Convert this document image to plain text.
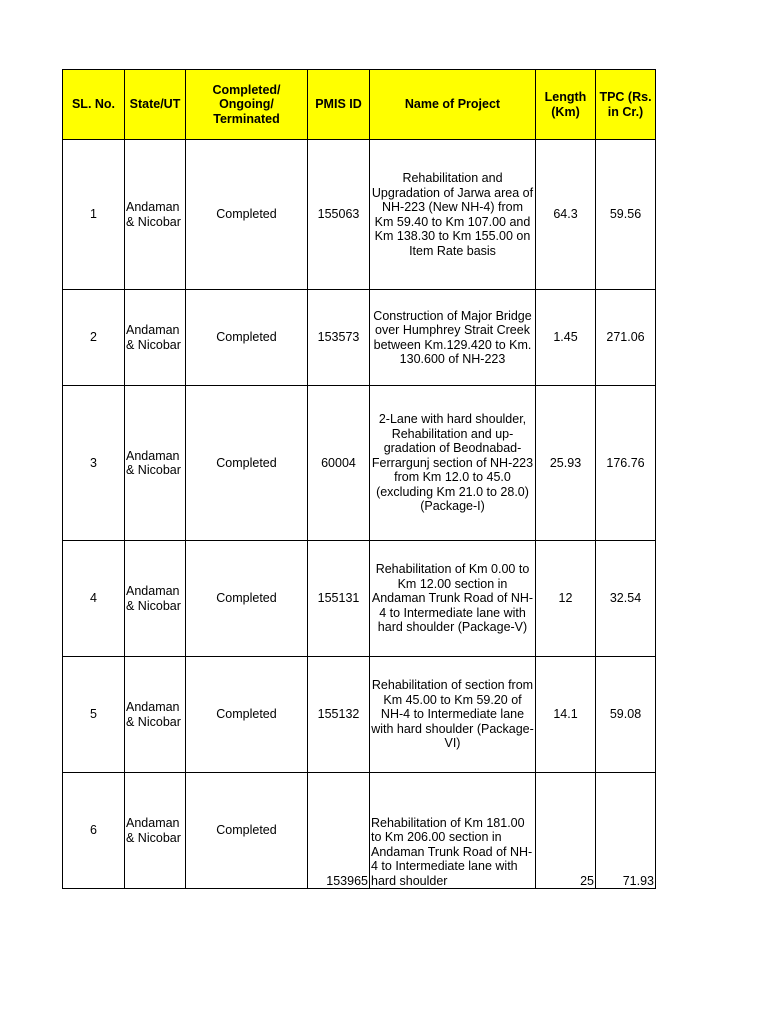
SL. No.	State/UT	Completed/ Ongoing/ Terminated	PMIS ID	Name of Project	Length (Km)	TPC (Rs. in Cr.)
1	Andaman & Nicobar	Completed	155063	Rehabilitation and Upgradation of Jarwa area of NH-223 (New NH-4) from Km 59.40 to Km 107.00 and Km 138.30 to Km 155.00 on Item Rate basis	64.3	59.56
2	Andaman & Nicobar	Completed	153573	Construction of Major Bridge over Humphrey Strait Creek between Km.129.420 to Km. 130.600 of NH-223	1.45	271.06
3	Andaman & Nicobar	Completed	60004	2-Lane with hard shoulder, Rehabilitation and up-gradation of Beodnabad-Ferrargunj section of NH-223 from Km 12.0 to 45.0 (excluding Km 21.0 to 28.0) (Package-I)	25.93	176.76
4	Andaman & Nicobar	Completed	155131	Rehabilitation of Km 0.00 to Km 12.00 section in Andaman Trunk Road of NH-4 to Intermediate lane with hard shoulder (Package-V)	12	32.54
5	Andaman & Nicobar	Completed	155132	Rehabilitation of section from Km 45.00 to Km 59.20 of NH-4 to Intermediate lane with hard shoulder (Package-VI)	14.1	59.08
6	Andaman & Nicobar	Completed	153965	Rehabilitation of Km 181.00 to Km 206.00 section in Andaman Trunk Road of NH-4 to Intermediate lane with hard shoulder	25	71.93
